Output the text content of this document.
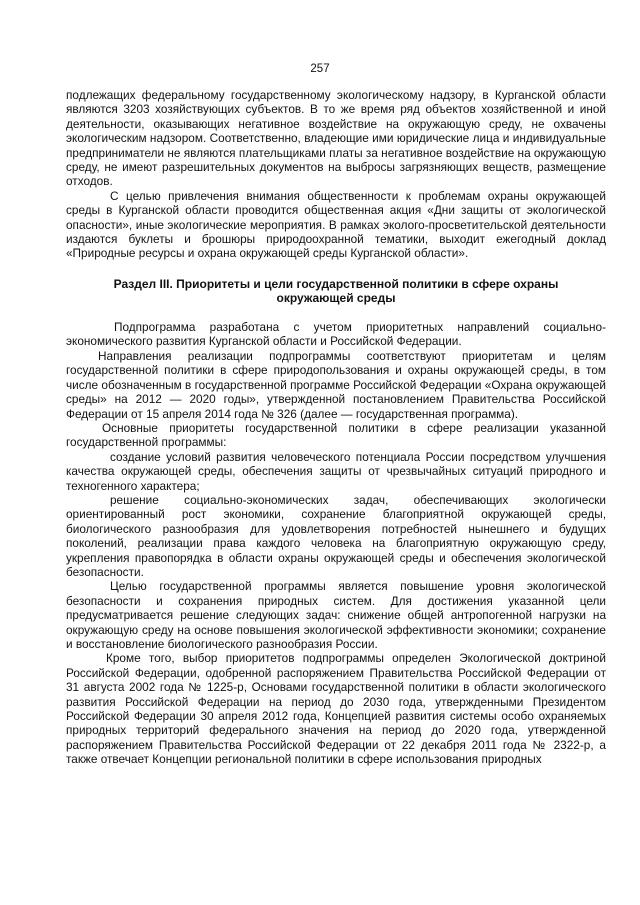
257

подлежащих федеральному государственному экологическому надзору, в Курганской области являются 3203 хозяйствующих субъектов. В то же время ряд объектов хозяйственной и иной деятельности, оказывающих негативное воздействие на окружающую среду, не охвачены экологическим надзором. Соответственно, владеющие ими юридические лица и индивидуальные предприниматели не являются плательщиками платы за негативное воздействие на окружающую среду, не имеют разрешительных документов на выбросы загрязняющих веществ, размещение отходов.

С целью привлечения внимания общественности к проблемам охраны окружающей среды в Курганской области проводится общественная акция «Дни защиты от экологической опасности», иные экологические мероприятия. В рамках эколого-просветительской деятельности издаются буклеты и брошюры природоохранной тематики, выходит ежегодный доклад «Природные ресурсы и охрана окружающей среды Курганской области».

Раздел III. Приоритеты и цели государственной политики в сфере охраны окружающей среды

Подпрограмма разработана с учетом приоритетных направлений социально-экономического развития Курганской области и Российской Федерации.

Направления реализации подпрограммы соответствуют приоритетам и целям государственной политики в сфере природопользования и охраны окружающей среды, в том числе обозначенным в государственной программе Российской Федерации «Охрана окружающей среды» на 2012 — 2020 годы», утвержденной постановлением Правительства Российской Федерации от 15 апреля 2014 года № 326 (далее — государственная программа).

Основные приоритеты государственной политики в сфере реализации указанной государственной программы:

создание условий развития человеческого потенциала России посредством улучшения качества окружающей среды, обеспечения защиты от чрезвычайных ситуаций природного и техногенного характера;

решение социально-экономических задач, обеспечивающих экологически ориентированный рост экономики, сохранение благоприятной окружающей среды, биологического разнообразия для удовлетворения потребностей нынешнего и будущих поколений, реализации права каждого человека на благоприятную окружающую среду, укрепления правопорядка в области охраны окружающей среды и обеспечения экологической безопасности.

Целью государственной программы является повышение уровня экологической безопасности и сохранения природных систем. Для достижения указанной цели предусматривается решение следующих задач: снижение общей антропогенной нагрузки на окружающую среду на основе повышения экологической эффективности экономики; сохранение и восстановление биологического разнообразия России.

Кроме того, выбор приоритетов подпрограммы определен Экологической доктриной Российской Федерации, одобренной распоряжением Правительства Российской Федерации от 31 августа 2002 года № 1225-р, Основами государственной политики в области экологического развития Российской Федерации на период до 2030 года, утвержденными Президентом Российской Федерации 30 апреля 2012 года, Концепцией развития системы особо охраняемых природных территорий федерального значения на период до 2020 года, утвержденной распоряжением Правительства Российской Федерации от 22 декабря 2011 года № 2322-р, а также отвечает Концепции региональной политики в сфере использования природных
